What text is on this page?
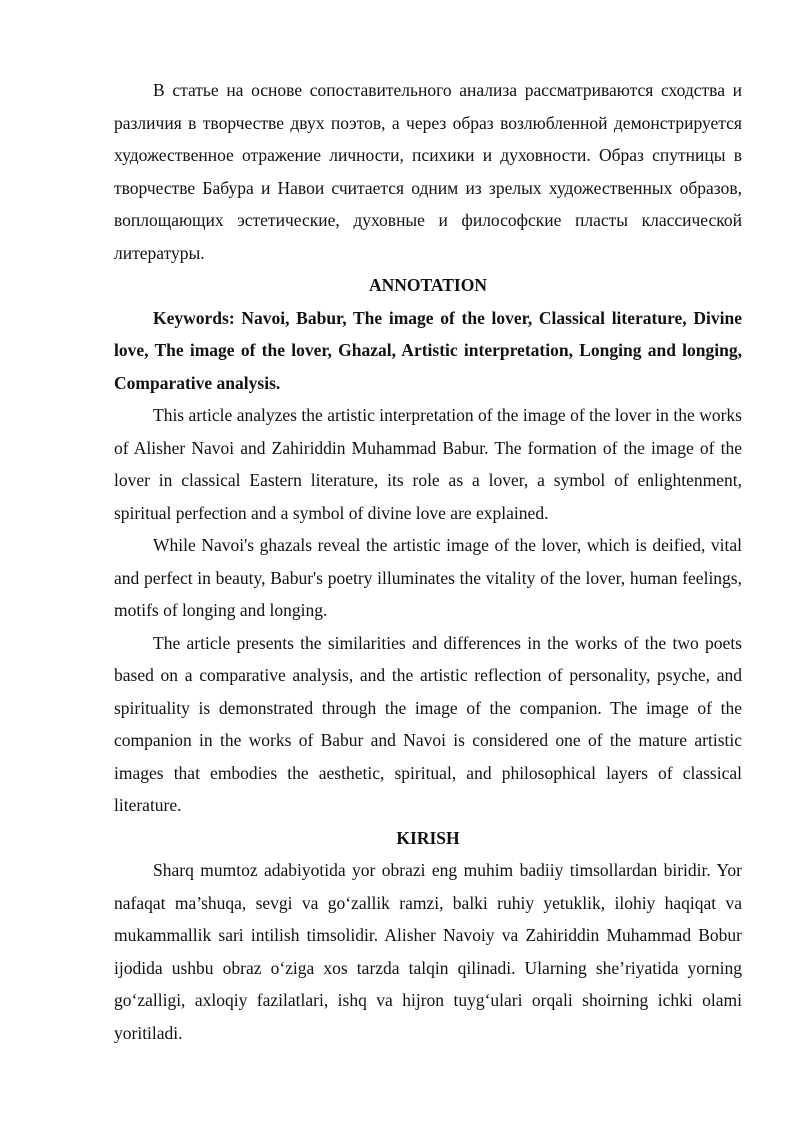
В статье на основе сопоставительного анализа рассматриваются сходства и различия в творчестве двух поэтов, а через образ возлюбленной демонстрируется художественное отражение личности, психики и духовности. Образ спутницы в творчестве Бабура и Навои считается одним из зрелых художественных образов, воплощающих эстетические, духовные и философские пласты классической литературы.

ANNOTATION

Keywords: Navoi, Babur, The image of the lover, Classical literature, Divine love, The image of the lover, Ghazal, Artistic interpretation, Longing and longing, Comparative analysis.

This article analyzes the artistic interpretation of the image of the lover in the works of Alisher Navoi and Zahiriddin Muhammad Babur. The formation of the image of the lover in classical Eastern literature, its role as a lover, a symbol of enlightenment, spiritual perfection and a symbol of divine love are explained.

While Navoi's ghazals reveal the artistic image of the lover, which is deified, vital and perfect in beauty, Babur's poetry illuminates the vitality of the lover, human feelings, motifs of longing and longing.

The article presents the similarities and differences in the works of the two poets based on a comparative analysis, and the artistic reflection of personality, psyche, and spirituality is demonstrated through the image of the companion. The image of the companion in the works of Babur and Navoi is considered one of the mature artistic images that embodies the aesthetic, spiritual, and philosophical layers of classical literature.

KIRISH

Sharq mumtoz adabiyotida yor obrazi eng muhim badiiy timsollardan biridir. Yor nafaqat ma’shuqa, sevgi va go‘zallik ramzi, balki ruhiy yetuklik, ilohiy haqiqat va mukammallik sari intilish timsolidir. Alisher Navoiy va Zahiriddin Muhammad Bobur ijodida ushbu obraz o‘ziga xos tarzda talqin qilinadi. Ularning she’riyatida yorning go‘zalligi, axloqiy fazilatlari, ishq va hijron tuyg‘ulari orqali shoirning ichki olami yoritiladi.
